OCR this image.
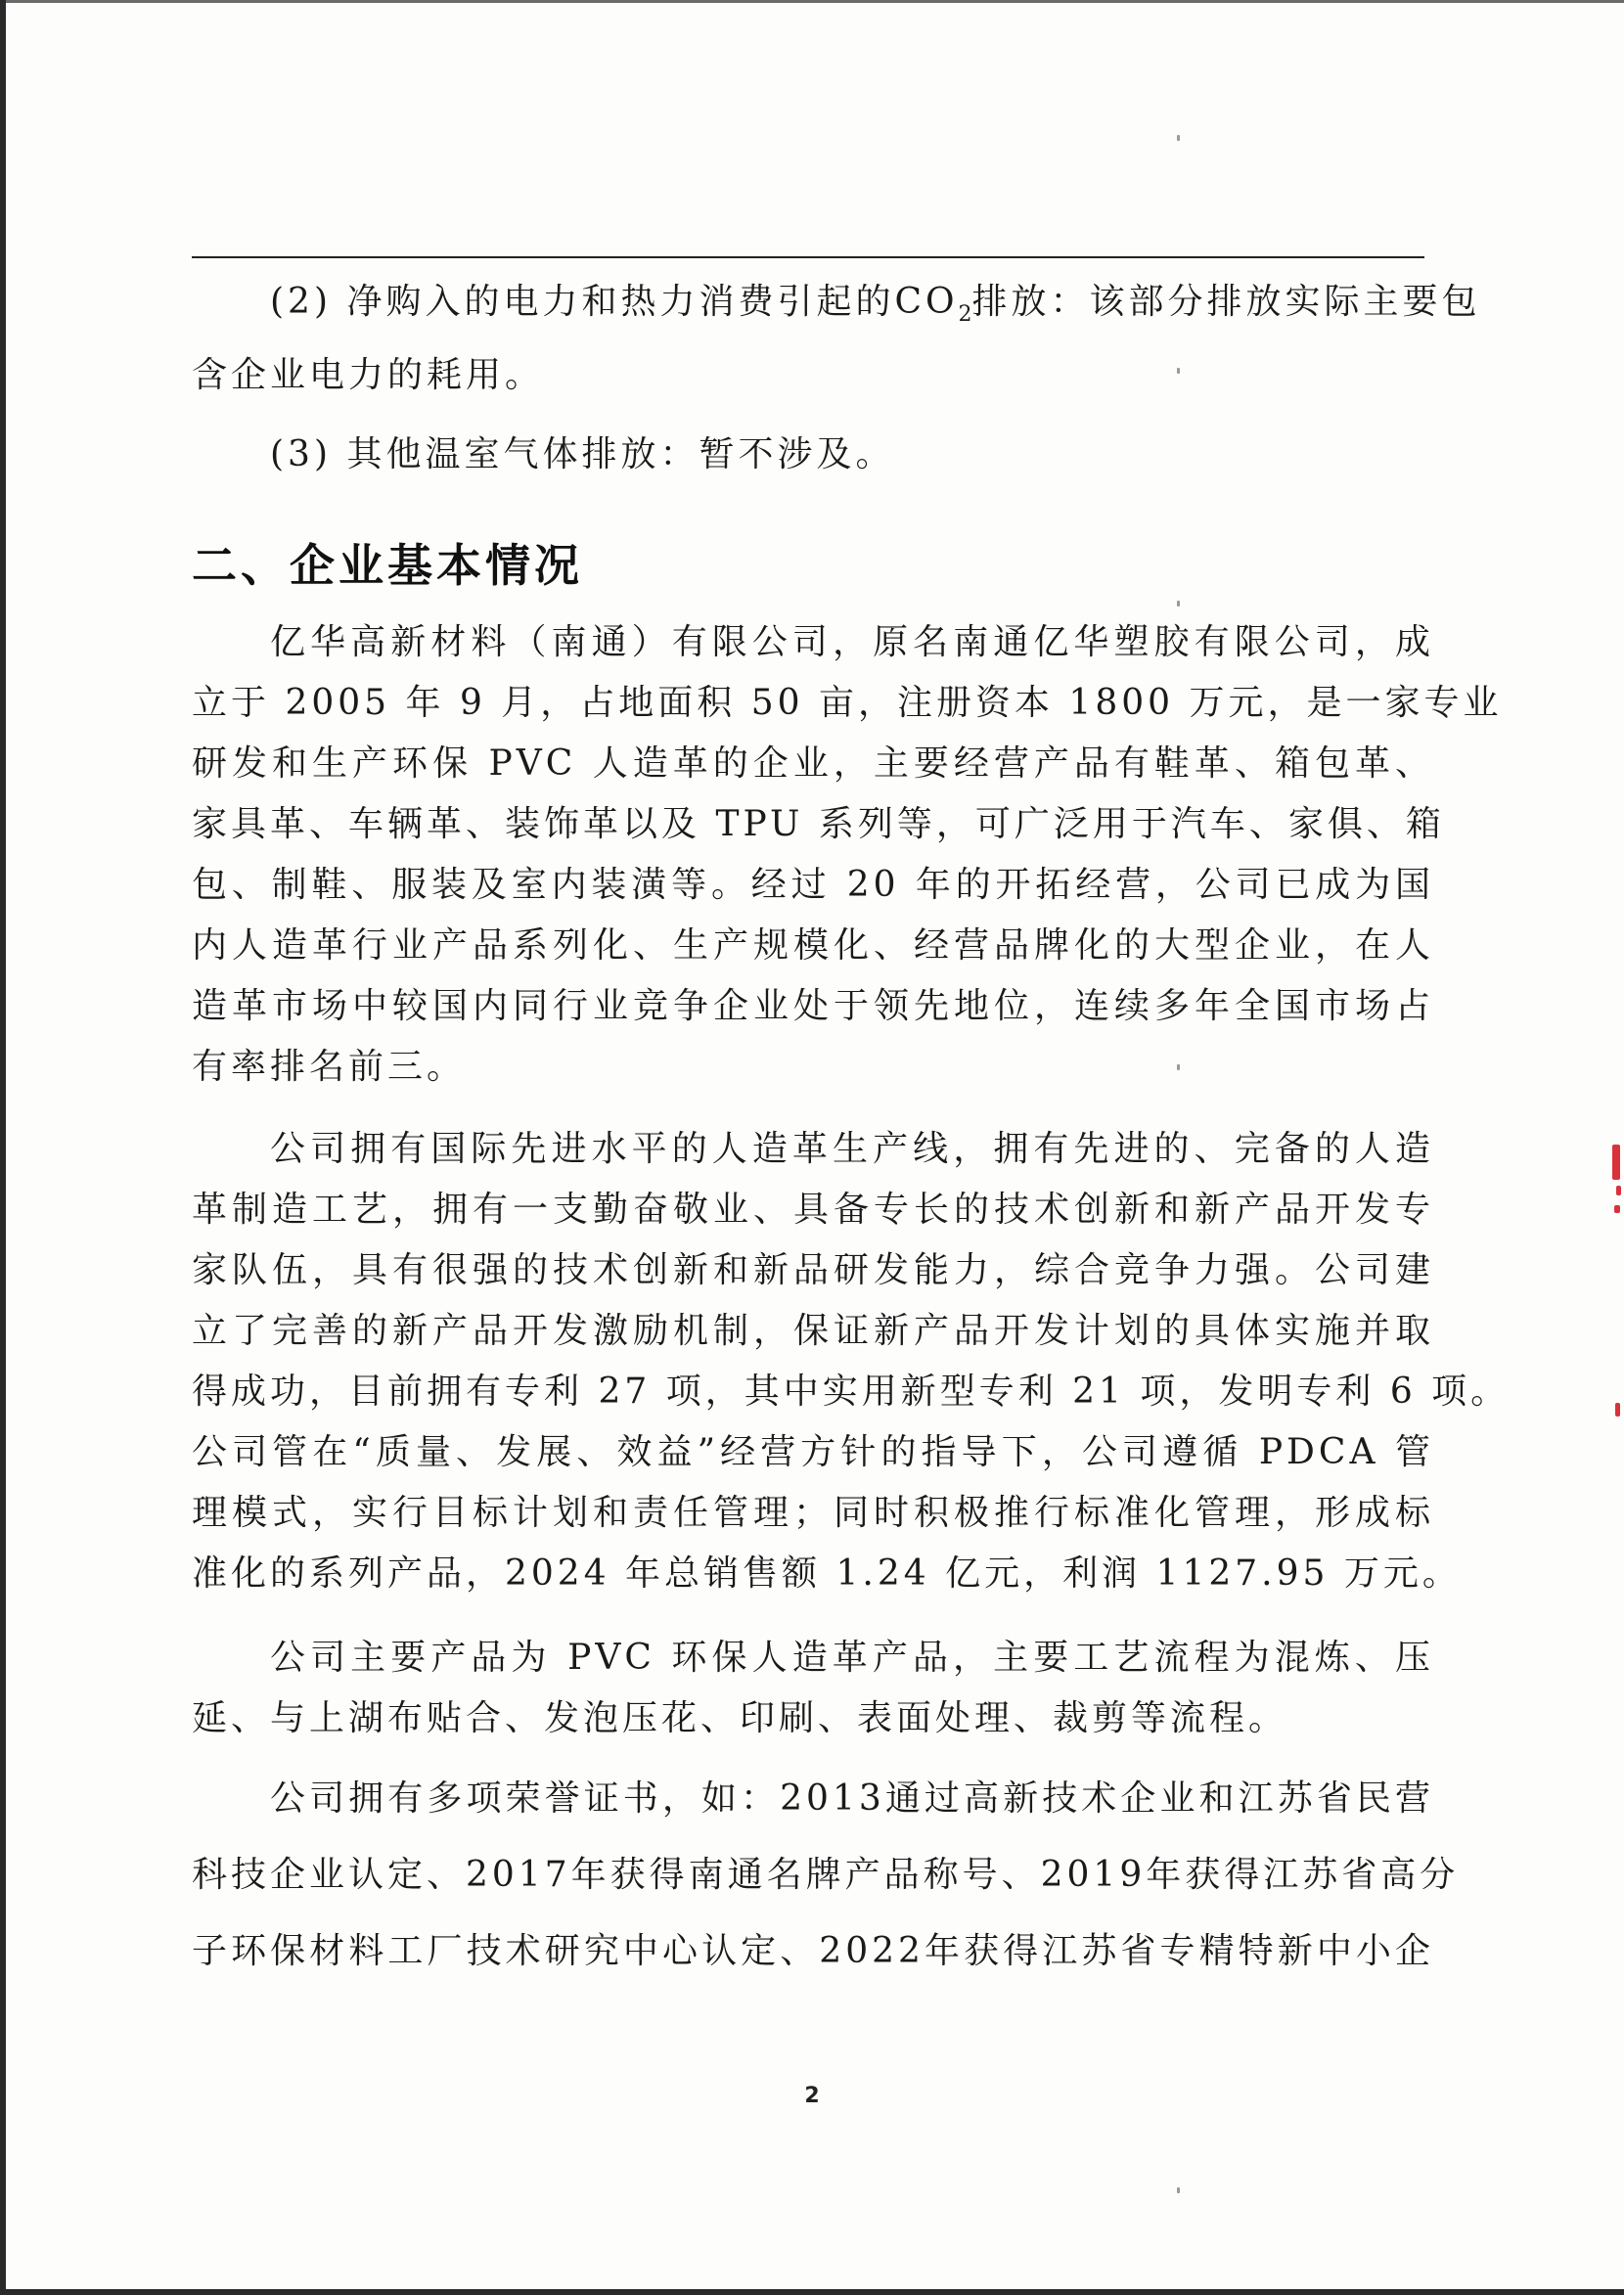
(2) 净购入的电力和热力消费引起的$CO_2$排放：该部分排放实际主要包
含企业电力的耗用。
(3) 其他温室气体排放：暂不涉及。
二、企业基本情况
亿华高新材料（南通）有限公司，原名南通亿华塑胶有限公司，成
立于 2005 年 9 月，占地面积 50 亩，注册资本 1800 万元，是一家专业
研发和生产环保 PVC 人造革的企业，主要经营产品有鞋革、箱包革、
家具革、车辆革、装饰革以及 TPU 系列等，可广泛用于汽车、家俱、箱
包、制鞋、服装及室内装潢等。经过 20 年的开拓经营，公司已成为国
内人造革行业产品系列化、生产规模化、经营品牌化的大型企业，在人
造革市场中较国内同行业竞争企业处于领先地位，连续多年全国市场占
有率排名前三。
公司拥有国际先进水平的人造革生产线，拥有先进的、完备的人造
革制造工艺，拥有一支勤奋敬业、具备专长的技术创新和新产品开发专
家队伍，具有很强的技术创新和新品研发能力，综合竞争力强。公司建
立了完善的新产品开发激励机制，保证新产品开发计划的具体实施并取
得成功，目前拥有专利 27 项，其中实用新型专利 21 项，发明专利 6 项。
公司管在“质量、发展、效益”经营方针的指导下，公司遵循 PDCA 管
理模式，实行目标计划和责任管理；同时积极推行标准化管理，形成标
准化的系列产品，2024 年总销售额 1.24 亿元，利润 1127.95 万元。
公司主要产品为 PVC 环保人造革产品，主要工艺流程为混炼、压
延、与上湖布贴合、发泡压花、印刷、表面处理、裁剪等流程。
公司拥有多项荣誉证书，如：2013通过高新技术企业和江苏省民营
科技企业认定、2017年获得南通名牌产品称号、2019年获得江苏省高分
子环保材料工厂技术研究中心认定、2022年获得江苏省专精特新中小企
2
